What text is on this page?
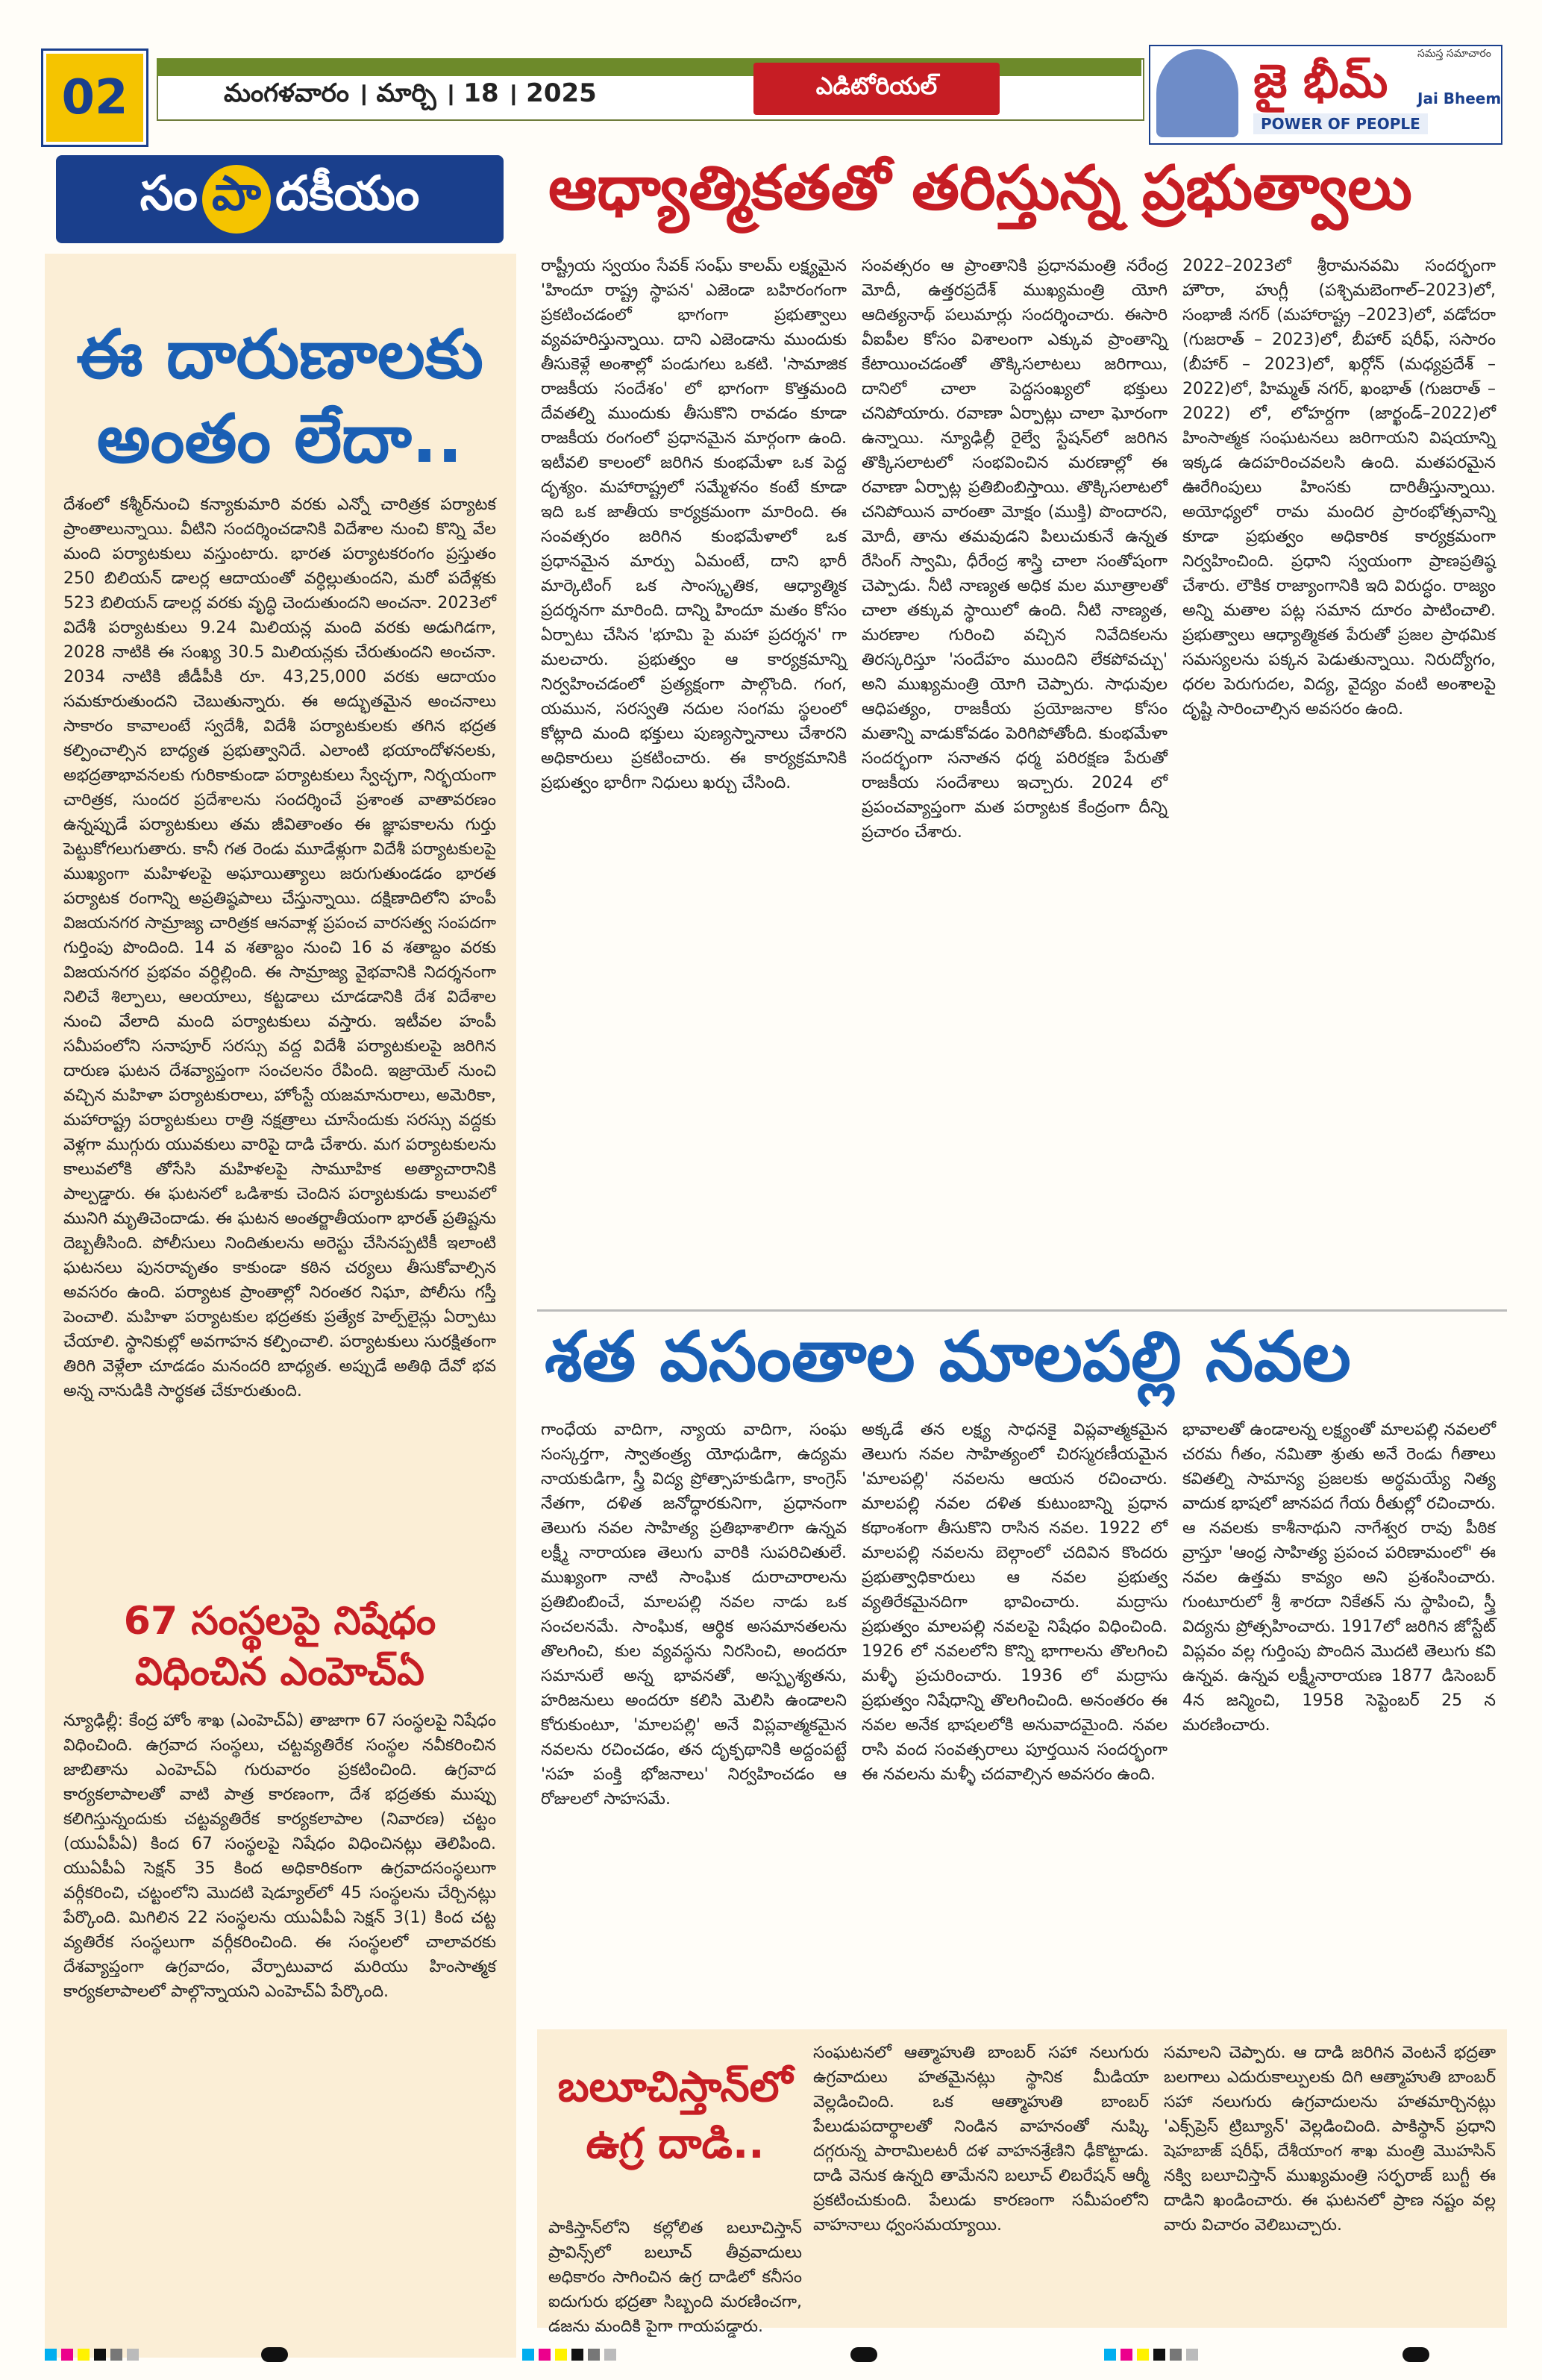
02	మంగళవారం । మార్చి । 18 । 2025	ఎడిటోరియల్	జై భీమ్
POWER OF PEOPLE
సమస్త సమాచారం
Jai Bheem
సం పా దకీయం
ఈ దారుణాలకు అంతం లేదా..
దేశంలో కశ్మీర్‌నుంచి కన్యాకుమారి వరకు ఎన్నో చారిత్రక పర్యాటక ప్రాంతాలున్నాయి. వీటిని సందర్శించడానికి విదేశాల నుంచి కొన్ని వేల మంది పర్యాటకులు వస్తుంటారు. భారత పర్యాటకరంగం ప్రస్తుతం 250 బిలియన్ డాలర్ల ఆదాయంతో వర్ధిల్లుతుందని, మరో పదేళ్లకు 523 బిలియన్ డాలర్ల వరకు వృద్ధి చెందుతుందని అంచనా. 2023లో విదేశీ పర్యాటకులు 9.24 మిలియన్ల మంది వరకు అడుగిడగా, 2028 నాటికి ఈ సంఖ్య 30.5 మిలియన్లకు చేరుతుందని అంచనా. 2034 నాటికి జీడీపీకి రూ. 43,25,000 వరకు ఆదాయం సమకూరుతుందని చెబుతున్నారు. ఈ అద్భుతమైన అంచనాలు సాకారం కావాలంటే స్వదేశీ, విదేశీ పర్యాటకులకు తగిన భద్రత కల్పించాల్సిన బాధ్యత ప్రభుత్వానిదే. ఎలాంటి భయాందోళనలకు, అభద్రతాభావనలకు గురికాకుండా పర్యాటకులు స్వేచ్ఛగా, నిర్భయంగా చారిత్రక, సుందర ప్రదేశాలను సందర్శించే ప్రశాంత వాతావరణం ఉన్నప్పుడే పర్యాటకులు తమ జీవితాంతం ఈ జ్ఞాపకాలను గుర్తు పెట్టుకోగలుగుతారు. కానీ గత రెండు మూడేళ్లుగా విదేశీ పర్యాటకులపై ముఖ్యంగా మహిళలపై అఘాయిత్యాలు జరుగుతుండడం భారత పర్యాటక రంగాన్ని అప్రతిష్ఠపాలు చేస్తున్నాయి. దక్షిణాదిలోని హంపీ విజయనగర సామ్రాజ్య చారిత్రక ఆనవాళ్ల ప్రపంచ వారసత్వ సంపదగా గుర్తింపు పొందింది. 14 వ శతాబ్దం నుంచి 16 వ శతాబ్దం వరకు విజయనగర ప్రభవం వర్ధిల్లింది. ఈ సామ్రాజ్య వైభవానికి నిదర్శనంగా నిలిచే శిల్పాలు, ఆలయాలు, కట్టడాలు చూడడానికి దేశ విదేశాల నుంచి వేలాది మంది పర్యాటకులు వస్తారు. ఇటీవల హంపీ సమీపంలోని సనాపూర్ సరస్సు వద్ద విదేశీ పర్యాటకులపై జరిగిన దారుణ ఘటన దేశవ్యాప్తంగా సంచలనం రేపింది. ఇజ్రాయెల్ నుంచి వచ్చిన మహిళా పర్యాటకురాలు, హోంస్టే యజమానురాలు, అమెరికా, మహారాష్ట్ర పర్యాటకులు రాత్రి నక్షత్రాలు చూసేందుకు సరస్సు వద్దకు వెళ్లగా ముగ్గురు యువకులు వారిపై దాడి చేశారు. మగ పర్యాటకులను కాలువలోకి తోసేసి మహిళలపై సామూహిక అత్యాచారానికి పాల్పడ్డారు. ఈ ఘటనలో ఒడిశాకు చెందిన పర్యాటకుడు కాలువలో మునిగి మృతిచెందాడు. ఈ ఘటన అంతర్జాతీయంగా భారత్ ప్రతిష్టను దెబ్బతీసింది. పోలీసులు నిందితులను అరెస్టు చేసినప్పటికీ ఇలాంటి ఘటనలు పునరావృతం కాకుండా కఠిన చర్యలు తీసుకోవాల్సిన అవసరం ఉంది. పర్యాటక ప్రాంతాల్లో నిరంతర నిఘా, పోలీసు గస్తీ పెంచాలి. మహిళా పర్యాటకుల భద్రతకు ప్రత్యేక హెల్ప్‌లైన్లు ఏర్పాటు చేయాలి. స్థానికుల్లో అవగాహన కల్పించాలి. పర్యాటకులు సురక్షితంగా తిరిగి వెళ్లేలా చూడడం మనందరి బాధ్యత. అప్పుడే అతిథి దేవో భవ అన్న నానుడికి సార్థకత చేకూరుతుంది.
67 సంస్థలపై నిషేధం విధించిన ఎంహెచ్ఏ
న్యూఢిల్లీ: కేంద్ర హోం శాఖ (ఎంహెచ్ఏ) తాజాగా 67 సంస్థలపై నిషేధం విధించింది. ఉగ్రవాద సంస్థలు, చట్టవ్యతిరేక సంస్థల నవీకరించిన జాబితాను ఎంహెచ్ఏ గురువారం ప్రకటించింది. ఉగ్రవాద కార్యకలాపాలతో వాటి పాత్ర కారణంగా, దేశ భద్రతకు ముప్పు కలిగిస్తున్నందుకు చట్టవ్యతిరేక కార్యకలాపాల (నివారణ) చట్టం (యుఏపీఏ) కింద 67 సంస్థలపై నిషేధం విధించినట్లు తెలిపింది. యుఏపీఏ సెక్షన్ 35 కింద అధికారికంగా ఉగ్రవాదసంస్థలుగా వర్గీకరించి, చట్టంలోని మొదటి షెడ్యూల్‌లో 45 సంస్థలను చేర్చినట్లు పేర్కొంది. మిగిలిన 22 సంస్థలను యుఏపీఏ సెక్షన్ 3(1) కింద చట్ట వ్యతిరేక సంస్థలుగా వర్గీకరించింది. ఈ సంస్థలలో చాలావరకు దేశవ్యాప్తంగా ఉగ్రవాదం, వేర్పాటువాద మరియు హింసాత్మక కార్యకలాపాలలో పాల్గొన్నాయని ఎంహెచ్ఏ పేర్కొంది.
ఆధ్యాత్మికతతో తరిస్తున్న ప్రభుత్వాలు
రాష్ట్రీయ స్వయం సేవక్ సంఘ్ కాలమ్ లక్ష్యమైన 'హిందూ రాష్ట్ర స్థాపన' ఎజెండా బహిరంగంగా ప్రకటించడంలో భాగంగా ప్రభుత్వాలు వ్యవహరిస్తున్నాయి. దాని ఎజెండాను ముందుకు తీసుకెళ్లే అంశాల్లో పండుగలు ఒకటి. 'సామాజిక రాజకీయ సందేశం' లో భాగంగా కొత్తమంది దేవతల్ని ముందుకు తీసుకొని రావడం కూడా రాజకీయ రంగంలో ప్రధానమైన మార్గంగా ఉంది. ఇటీవలి కాలంలో జరిగిన కుంభమేళా ఒక పెద్ద దృశ్యం. మహారాష్ట్రలో సమ్మేళనం కంటే కూడా ఇది ఒక జాతీయ కార్యక్రమంగా మారింది. ఈ సంవత్సరం జరిగిన కుంభమేళాలో ఒక ప్రధానమైన మార్పు ఏమంటే, దాని భారీ మార్కెటింగ్ ఒక సాంస్కృతిక, ఆధ్యాత్మిక ప్రదర్శనగా మారింది. దాన్ని హిందూ మతం కోసం ఏర్పాటు చేసిన 'భూమి పై మహా ప్రదర్శన' గా మలచారు. ప్రభుత్వం ఆ కార్యక్రమాన్ని నిర్వహించడంలో ప్రత్యక్షంగా పాల్గొంది. గంగ, యమున, సరస్వతి నదుల సంగమ స్థలంలో కోట్లాది మంది భక్తులు పుణ్యస్నానాలు చేశారని అధికారులు ప్రకటించారు. ఈ కార్యక్రమానికి ప్రభుత్వం భారీగా నిధులు ఖర్చు చేసింది.
సంవత్సరం ఆ ప్రాంతానికి ప్రధానమంత్రి నరేంద్ర మోదీ, ఉత్తరప్రదేశ్ ముఖ్యమంత్రి యోగి ఆదిత్యనాథ్ పలుమార్లు సందర్శించారు. ఈసారి వీఐపీల కోసం విశాలంగా ఎక్కువ ప్రాంతాన్ని కేటాయించడంతో తొక్కిసలాటలు జరిగాయి, దానిలో చాలా పెద్దసంఖ్యలో భక్తులు చనిపోయారు. రవాణా ఏర్పాట్లు చాలా ఘోరంగా ఉన్నాయి. న్యూఢిల్లీ రైల్వే స్టేషన్‌లో జరిగిన తొక్కిసలాటలో సంభవించిన మరణాల్లో ఈ రవాణా ఏర్పాట్ల ప్రతిబింబిస్తాయి. తొక్కిసలాటలో చనిపోయిన వారంతా మోక్షం (ముక్తి) పొందారని, మోదీ, తాను తమవుడని పిలుచుకునే ఉన్నత రేసింగ్ స్వామి, ధీరేంద్ర శాస్త్రి చాలా సంతోషంగా చెప్పాడు. నీటి నాణ్యత అధిక మల మూత్రాలతో చాలా తక్కువ స్థాయిలో ఉంది. నీటి నాణ్యత, మరణాల గురించి వచ్చిన నివేదికలను తిరస్కరిస్తూ 'సందేహం ముందిని లేకపోవచ్చు' అని ముఖ్యమంత్రి యోగి చెప్పారు. సాధువుల ఆధిపత్యం, రాజకీయ ప్రయోజనాల కోసం మతాన్ని వాడుకోవడం పెరిగిపోతోంది. కుంభమేళా సందర్భంగా సనాతన ధర్మ పరిరక్షణ పేరుతో రాజకీయ సందేశాలు ఇచ్చారు. 2024 లో ప్రపంచవ్యాప్తంగా మత పర్యాటక కేంద్రంగా దీన్ని ప్రచారం చేశారు.
2022–2023లో శ్రీరామనవమి సందర్భంగా హౌరా, హుగ్లీ (పశ్చిమబెంగాల్–2023)లో, సంభాజీ నగర్ (మహారాష్ట్ర –2023)లో, వడోదరా (గుజరాత్ – 2023)లో, బీహార్ షరీఫ్, ససారం (బీహార్ – 2023)లో, ఖర్గోన్ (మధ్యప్రదేశ్ –2022)లో, హిమ్మత్ నగర్, ఖంభాత్ (గుజరాత్ –2022) లో, లోహర్దగా (జార్ఖండ్–2022)లో హింసాత్మక సంఘటనలు జరిగాయని విషయాన్ని ఇక్కడ ఉదహరించవలసి ఉంది. మతపరమైన ఊరేగింపులు హింసకు దారితీస్తున్నాయి. అయోధ్యలో రామ మందిర ప్రారంభోత్సవాన్ని కూడా ప్రభుత్వం అధికారిక కార్యక్రమంగా నిర్వహించింది. ప్రధాని స్వయంగా ప్రాణప్రతిష్ఠ చేశారు. లౌకిక రాజ్యాంగానికి ఇది విరుద్ధం. రాజ్యం అన్ని మతాల పట్ల సమాన దూరం పాటించాలి. ప్రభుత్వాలు ఆధ్యాత్మికత పేరుతో ప్రజల ప్రాథమిక సమస్యలను పక్కన పెడుతున్నాయి. నిరుద్యోగం, ధరల పెరుగుదల, విద్య, వైద్యం వంటి అంశాలపై దృష్టి సారించాల్సిన అవసరం ఉంది.
శత వసంతాల మాలపల్లి నవల
గాంధేయ వాదిగా, న్యాయ వాదిగా, సంఘ సంస్కర్తగా, స్వాతంత్ర్య యోధుడిగా, ఉద్యమ నాయకుడిగా, స్త్రీ విద్య ప్రోత్సాహకుడిగా, కాంగ్రెస్ నేతగా, దళిత జనోద్ధారకునిగా, ప్రధానంగా తెలుగు నవల సాహిత్య ప్రతిభాశాలిగా ఉన్నవ లక్ష్మీ నారాయణ తెలుగు వారికి సుపరిచితులే. ముఖ్యంగా నాటి సాంఘిక దురాచారాలను ప్రతిబింబించే, మాలపల్లి నవల నాడు ఒక సంచలనమే. సాంఘిక, ఆర్థిక అసమానతలను తొలగించి, కుల వ్యవస్థను నిరసించి, అందరూ సమానులే అన్న భావనతో, అస్పృశ్యతను, హరిజనులు అందరూ కలిసి మెలిసి ఉండాలని కోరుకుంటూ, 'మాలపల్లి' అనే విప్లవాత్మకమైన నవలను రచించడం, తన దృక్పథానికి అద్దంపట్టే 'సహ పంక్తి భోజనాలు' నిర్వహించడం ఆ రోజులలో సాహసమే.
అక్కడే తన లక్ష్య సాధనకై విప్లవాత్మకమైన తెలుగు నవల సాహిత్యంలో చిరస్మరణీయమైన 'మాలపల్లి' నవలను ఆయన రచించారు. మాలపల్లి నవల దళిత కుటుంబాన్ని ప్రధాన కథాంశంగా తీసుకొని రాసిన నవల. 1922 లో మాలపల్లి నవలను బెల్గాంలో చదివిన కొందరు ప్రభుత్వాధికారులు ఆ నవల ప్రభుత్వ వ్యతిరేకమైనదిగా భావించారు. మద్రాసు ప్రభుత్వం మాలపల్లి నవలపై నిషేధం విధించింది. 1926 లో నవలలోని కొన్ని భాగాలను తొలగించి మళ్ళీ ప్రచురించారు. 1936 లో మద్రాసు ప్రభుత్వం నిషేధాన్ని తొలగించింది. అనంతరం ఈ నవల అనేక భాషలలోకి అనువాదమైంది. నవల రాసి వంద సంవత్సరాలు పూర్తయిన సందర్భంగా ఈ నవలను మళ్ళీ చదవాల్సిన అవసరం ఉంది.
భావాలతో ఉండాలన్న లక్ష్యంతో మాలపల్లి నవలలో చరమ గీతం, నమితా శ్రుతు అనే రెండు గీతాలు కవితల్ని సామాన్య ప్రజలకు అర్థమయ్యే నిత్య వాదుక భాషలో జానపద గేయ రీతుల్లో రచించారు. ఆ నవలకు కాశీనాథుని నాగేశ్వర రావు పీఠిక వ్రాస్తూ 'ఆంధ్ర సాహిత్య ప్రపంచ పరిణామంలో' ఈ నవల ఉత్తమ కావ్యం అని ప్రశంసించారు. గుంటూరులో శ్రీ శారదా నికేతన్ ను స్థాపించి, స్త్రీ విద్యను ప్రోత్సహించారు. 1917లో జరిగిన జోస్టేట్ విప్లవం వల్ల గుర్తింపు పొందిన మొదటి తెలుగు కవి ఉన్నవ. ఉన్నవ లక్ష్మీనారాయణ 1877 డిసెంబర్ 4న జన్మించి, 1958 సెప్టెంబర్ 25 న మరణించారు.
బలూచిస్తాన్‌లో ఉగ్ర దాడి..
పాకిస్తాన్‌లోని కల్లోలిత బలూచిస్తాన్ ప్రావిన్స్‌లో బలూచ్ తీవ్రవాదులు అధికారం సాగించిన ఉగ్ర దాడిలో కనీసం ఐదుగురు భద్రతా సిబ్బంది మరణించగా, డజను మందికి పైగా గాయపడ్డారు.
సంఘటనలో ఆత్మాహుతి బాంబర్ సహా నలుగురు ఉగ్రవాదులు హతమైనట్లు స్థానిక మీడియా వెల్లడించింది. ఒక ఆత్మాహుతి బాంబర్ పేలుడుపదార్థాలతో నిండిన వాహనంతో నుష్కి దగ్గరున్న పారామిలటరీ దళ వాహనశ్రేణిని ఢీకొట్టాడు. దాడి వెనుక ఉన్నది తామేనని బలూచ్ లిబరేషన్ ఆర్మీ ప్రకటించుకుంది. పేలుడు కారణంగా సమీపంలోని వాహనాలు ధ్వంసమయ్యాయి.
సమాలని చెప్పారు. ఆ దాడి జరిగిన వెంటనే భద్రతా బలగాలు ఎదురుకాల్పులకు దిగి ఆత్మాహుతి బాంబర్ సహా నలుగురు ఉగ్రవాదులను హతమార్చినట్లు 'ఎక్స్‌ప్రెస్ ట్రిబ్యూన్' వెల్లడించింది. పాకిస్థాన్ ప్రధాని షెహబాజ్ షరీఫ్, దేశీయాంగ శాఖ మంత్రి మొహసిన్ నక్వి బలూచిస్తాన్ ముఖ్యమంత్రి సర్ఫరాజ్ బుగ్టీ ఈ దాడిని ఖండించారు. ఈ ఘటనలో ప్రాణ నష్టం వల్ల వారు విచారం వెలిబుచ్చారు.
